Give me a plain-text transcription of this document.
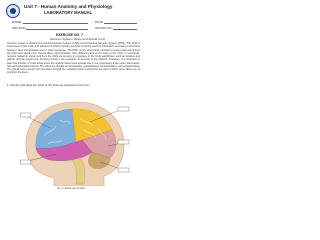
Unit 7 - Human Anatomy and Physiology
LABORATORY MANUAL
NAME:	DATE:
SECTION:	GROUP NO.:
EXERCISE NO. 7
Nervous System: Brain and Spinal Cord
Nervous system is divided into Central Nervous System (CNS) and Peripheral Nervous System (PNS). The CNS is composed of your brain and spinal cord which primarily interpret incoming sensory information and issue instructions based on their interpretation and on past experience. The PNS, on the other hand, consists of nerves that extend from the brain and spinal cord. Nerves allow communication from different parts of the body to the CNS. In neurologic, neurons related to spinal cord from the CNS are sensory & responses in the body parts/lobes, such as muscles and glands, and the spinal cord. Sensory neurons, the receptors, to neurons in the network. Therefore, it is important to learn the location of brain lobes since the specific lobes have special role in our processing & the entire information, how and generalized stimuli. The lobes are divided as frontal lobes, parietal lobes, temporal lobes, and occipital lobes. The spinal cord extends from the brain through the vertebral column and forms the part in which nerve fibers run to and from the brain.
1. Identify and label the parts of the brain as indicated in the box.
Fig. 1 Lateral view of brain
